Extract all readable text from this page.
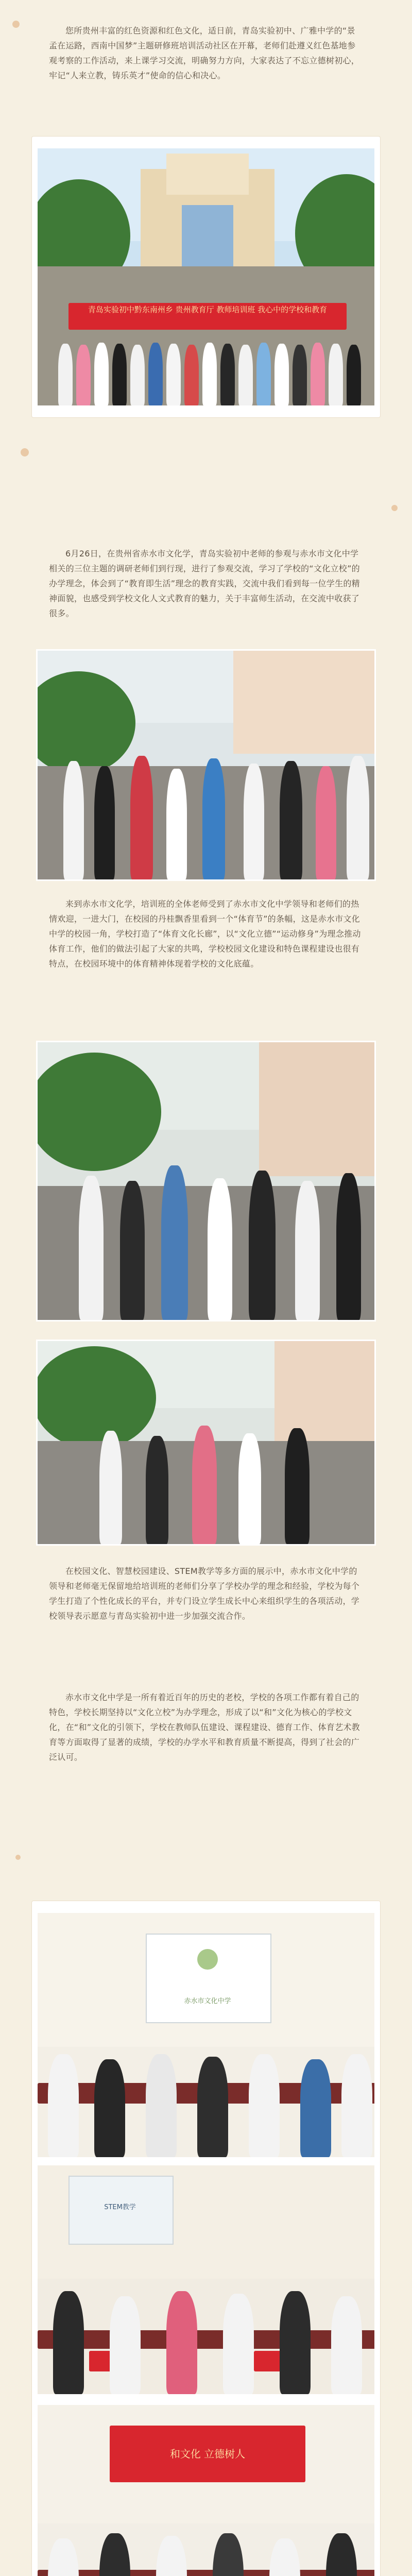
您所贵州丰富的红色资源和红色文化，适日前，青岛实验初中、广雅中学的“景孟在运路，西南中国梦”主题研修班培训活动社区在开幕，老师们赴遵义红色基地参观考察的工作活动，来上课学习交流，明确努力方向，大家表达了不忘立德树初心，牢记“人来立教，铸乐英才”使命的信心和决心。
青岛实验初中黔东南州乡 贵州教育厅 教师培训班 我心中的学校和教育
6月26日，在贵州省赤水市文化学，青岛实验初中老师的参观与赤水市文化中学相关的三位主题的调研老师们到行现，进行了参观交流，学习了学校的“文化立校”的办学理念，体会到了“教育即生活”理念的教育实践，交流中我们看到每一位学生的精神面貌，也感受到学校文化人文式教育的魅力，关于丰富师生活动，在交流中收获了很多。
来到赤水市文化学，培训班的全体老师受到了赤水市文化中学领导和老师们的热情欢迎，一进大门，在校园的丹桂飘香里看到一个“体育节”的条幅，这是赤水市文化中学的校园一角，学校打造了“体育文化长廊”，以“文化立德”“运动修身”为理念推动体育工作，他们的做法引起了大家的共鸣，学校校园文化建设和特色课程建设也很有特点，在校园环境中的体育精神体现着学校的文化底蕴。
在校园文化、智慧校园建设、STEM教学等多方面的展示中，赤水市文化中学的领导和老师毫无保留地给培训班的老师们分享了学校办学的理念和经验，学校为每个学生打造了个性化成长的平台，并专门设立学生成长中心来组织学生的各项活动，学校领导表示愿意与青岛实验初中进一步加强交流合作。
赤水市文化中学是一所有着近百年的历史的老校，学校的各项工作都有着自己的特色，学校长期坚持以“文化立校”为办学理念，形成了以“和”文化为核心的学校文化，在“和”文化的引领下，学校在教师队伍建设、课程建设、德育工作、体育艺术教育等方面取得了显著的成绩，学校的办学水平和教育质量不断提高，得到了社会的广泛认可。
赤水市文化中学
STEM教学
和文化 立德树人
